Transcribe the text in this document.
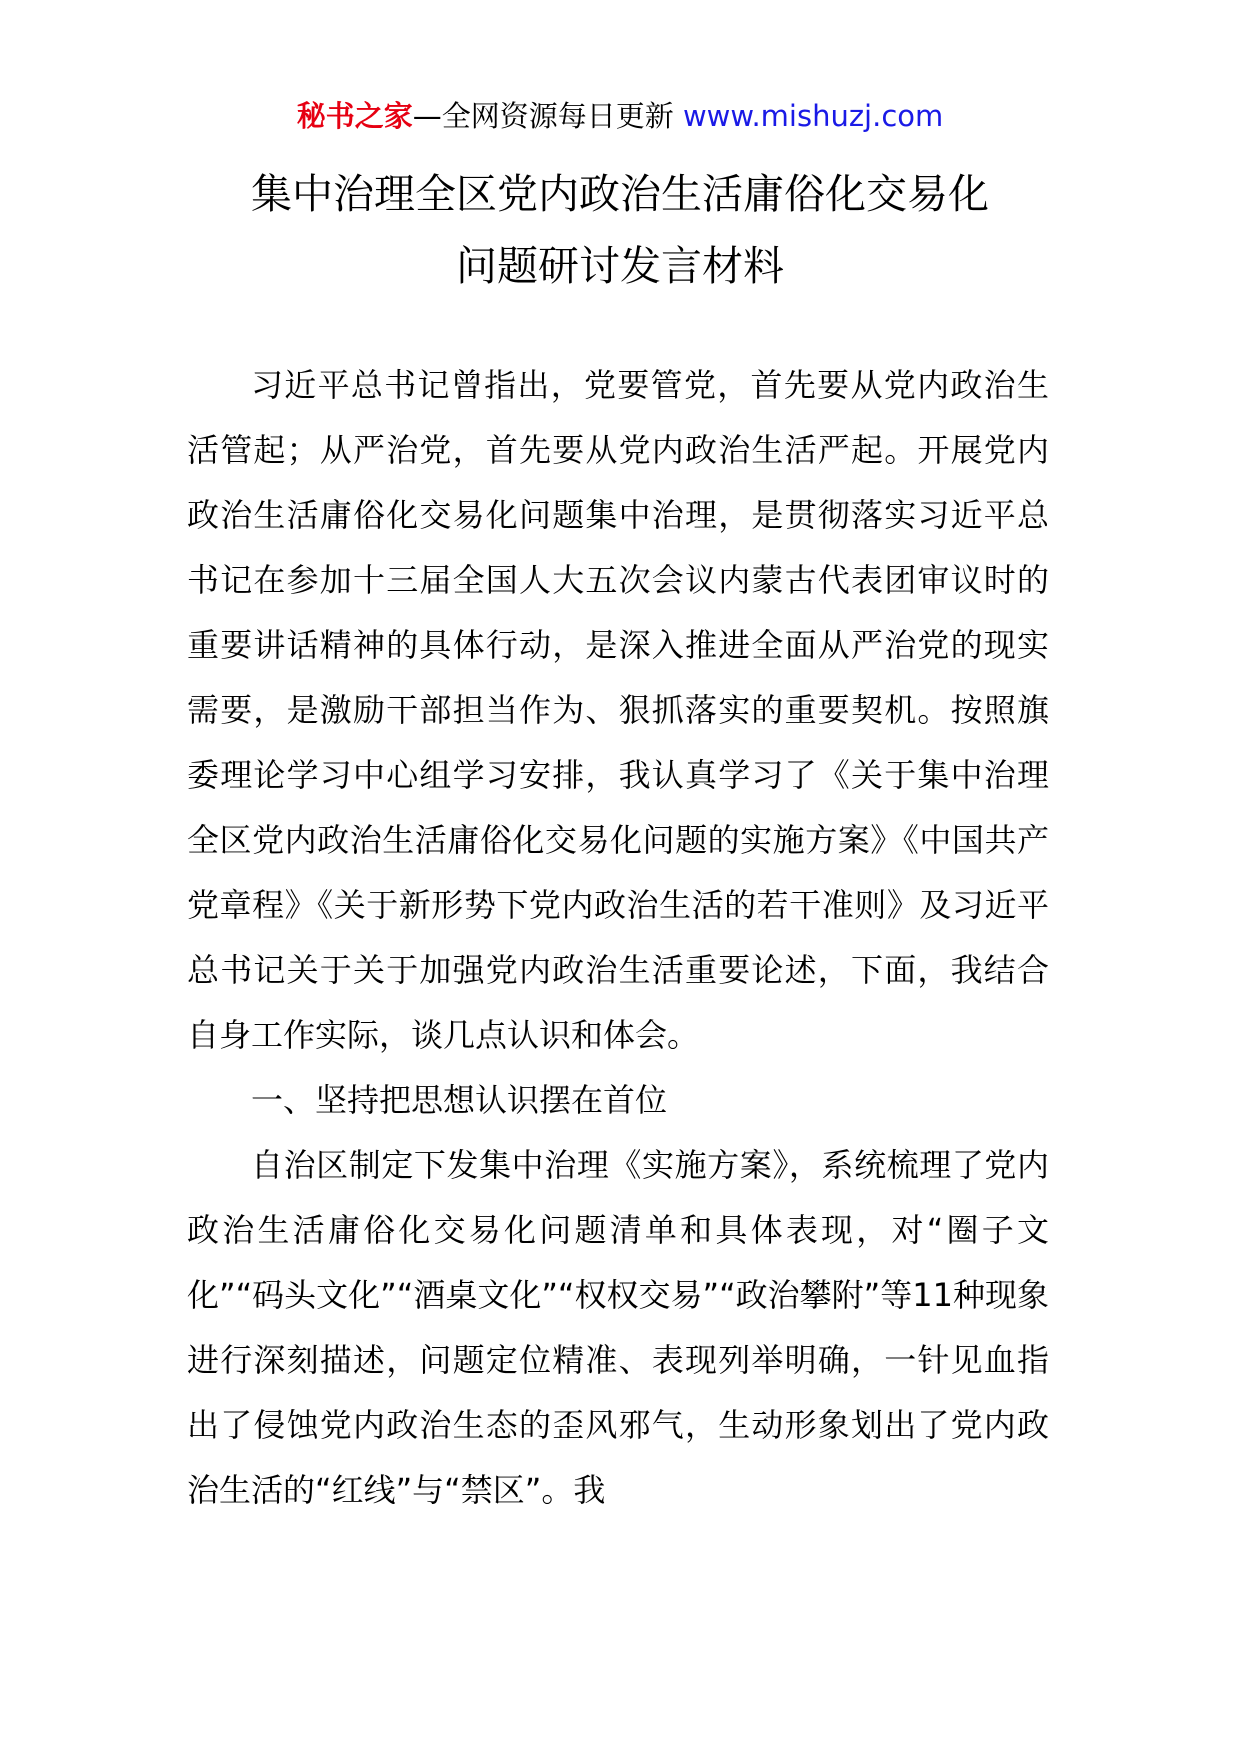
秘书之家—全网资源每日更新 www.mishuzj.com
集中治理全区党内政治生活庸俗化交易化
问题研讨发言材料

习近平总书记曾指出，党要管党，首先要从党内政治生活管起；从严治党，首先要从党内政治生活严起。开展党内政治生活庸俗化交易化问题集中治理，是贯彻落实习近平总书记在参加十三届全国人大五次会议内蒙古代表团审议时的重要讲话精神的具体行动，是深入推进全面从严治党的现实需要，是激励干部担当作为、狠抓落实的重要契机。按照旗委理论学习中心组学习安排，我认真学习了《关于集中治理全区党内政治生活庸俗化交易化问题的实施方案》《中国共产党章程》《关于新形势下党内政治生活的若干准则》及习近平总书记关于关于加强党内政治生活重要论述，下面，我结合自身工作实际，谈几点认识和体会。

一、坚持把思想认识摆在首位

自治区制定下发集中治理《实施方案》，系统梳理了党内政治生活庸俗化交易化问题清单和具体表现，对“圈子文化”“码头文化”“酒桌文化”“权权交易”“政治攀附”等11种现象进行深刻描述，问题定位精准、表现列举明确，一针见血指出了侵蚀党内政治生态的歪风邪气，生动形象划出了党内政治生活的“红线”与“禁区”。我
